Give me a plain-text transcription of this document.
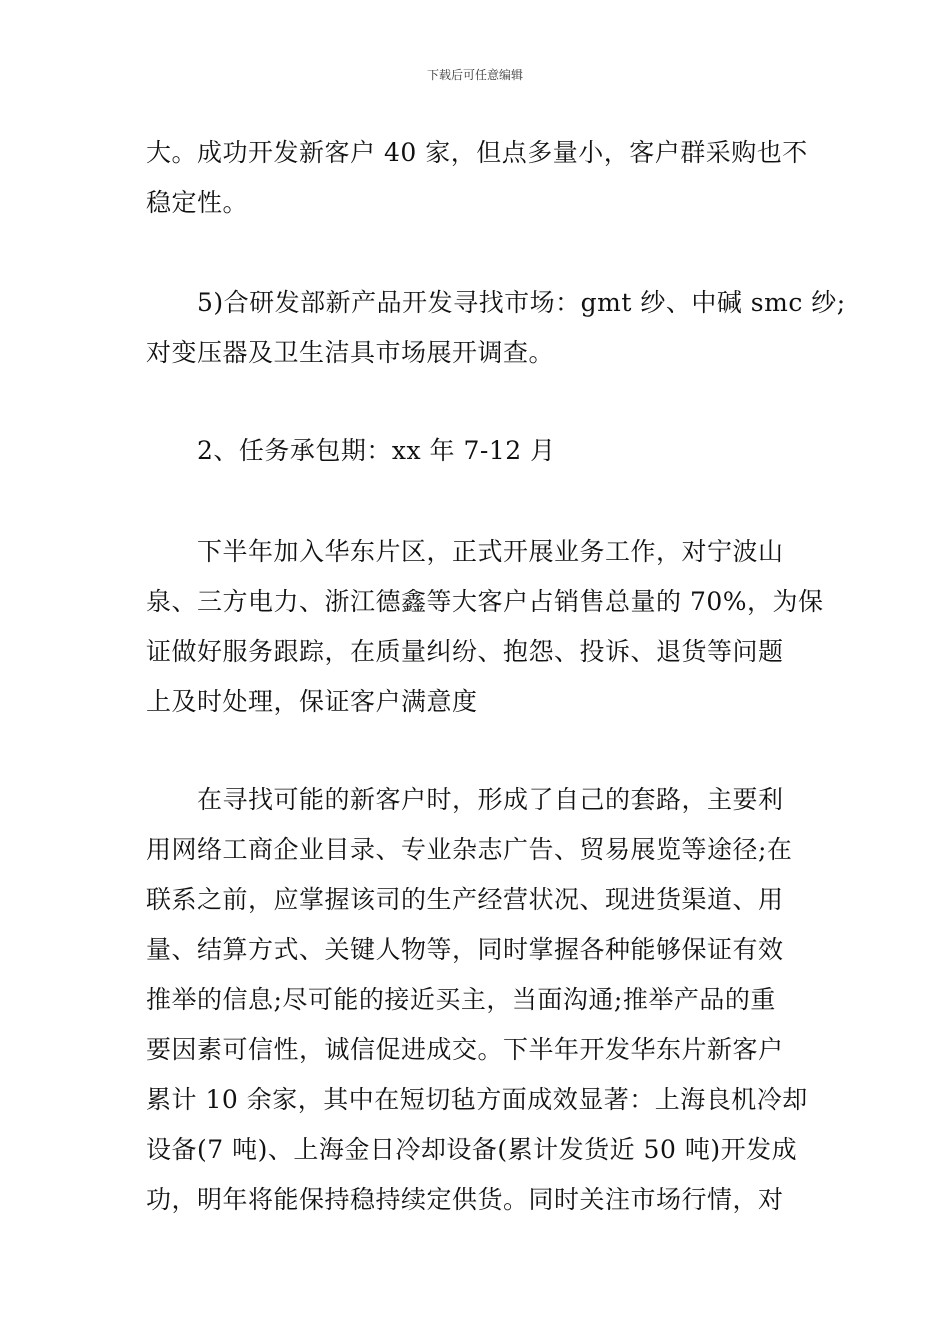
下载后可任意编辑
大。成功开发新客户 40 家，但点多量小，客户群采购也不
稳定性。
5)合研发部新产品开发寻找市场：gmt 纱、中碱 smc 纱;
对变压器及卫生洁具市场展开调查。
2、任务承包期：xx 年 7-12 月
下半年加入华东片区，正式开展业务工作，对宁波山
泉、三方电力、浙江德鑫等大客户占销售总量的 70%，为保
证做好服务跟踪，在质量纠纷、抱怨、投诉、退货等问题
上及时处理，保证客户满意度
在寻找可能的新客户时，形成了自己的套路，主要利
用网络工商企业目录、专业杂志广告、贸易展览等途径;在
联系之前，应掌握该司的生产经营状况、现进货渠道、用
量、结算方式、关键人物等，同时掌握各种能够保证有效
推举的信息;尽可能的接近买主，当面沟通;推举产品的重
要因素可信性，诚信促进成交。下半年开发华东片新客户
累计 10 余家，其中在短切毡方面成效显著：上海良机冷却
设备(7 吨)、上海金日冷却设备(累计发货近 50 吨)开发成
功，明年将能保持稳持续定供货。同时关注市场行情，对
